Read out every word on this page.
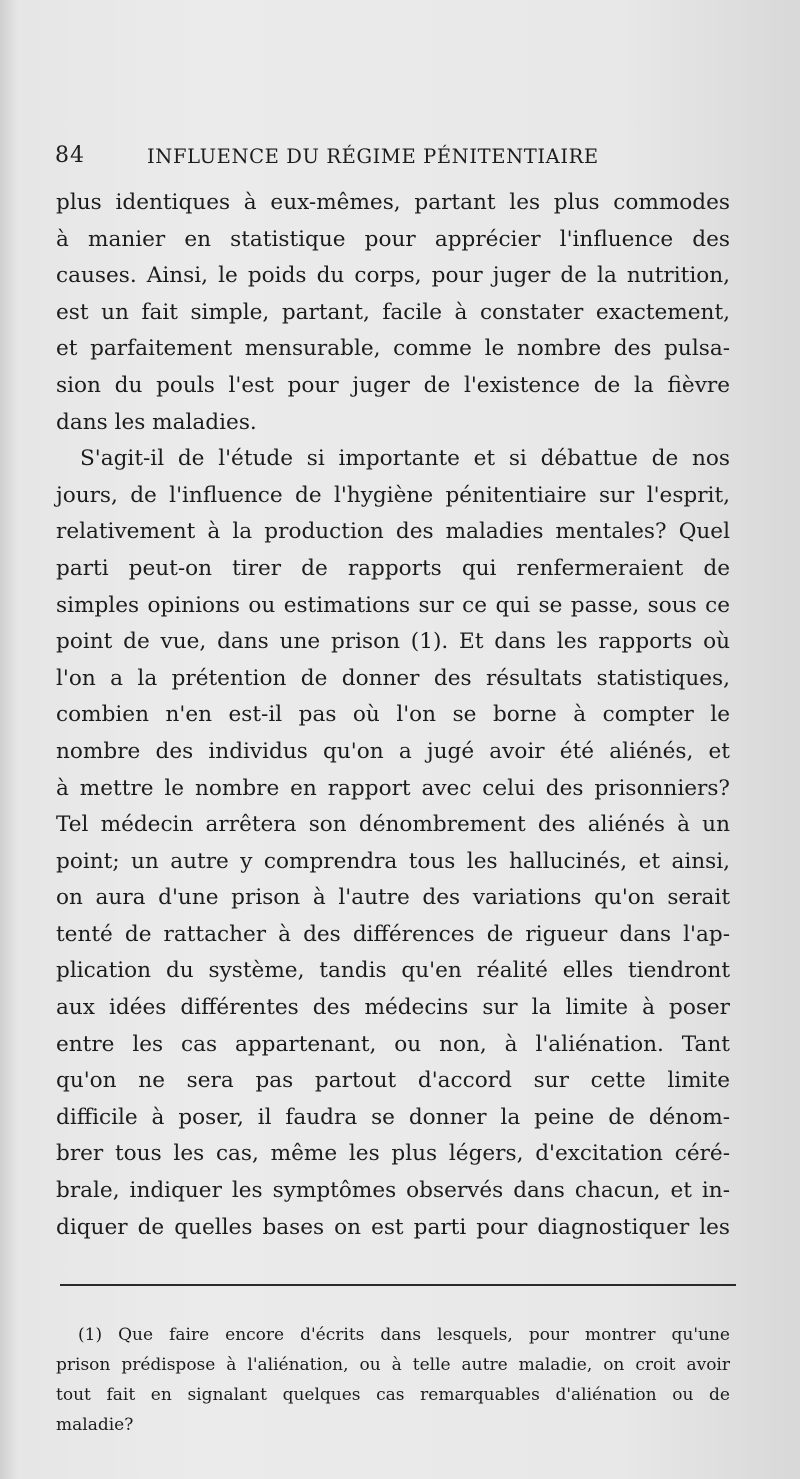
84	INFLUENCE DU RÉGIME PÉNITENTIAIRE
plus identiques à eux-mêmes, partant les plus commodes
à manier en statistique pour apprécier l'influence des
causes. Ainsi, le poids du corps, pour juger de la nutrition,
est un fait simple, partant, facile à constater exactement,
et parfaitement mensurable, comme le nombre des pulsa-
sion du pouls l'est pour juger de l'existence de la fièvre
dans les maladies.
S'agit-il de l'étude si importante et si débattue de nos
jours, de l'influence de l'hygiène pénitentiaire sur l'esprit,
relativement à la production des maladies mentales? Quel
parti peut-on tirer de rapports qui renfermeraient de
simples opinions ou estimations sur ce qui se passe, sous ce
point de vue, dans une prison (1). Et dans les rapports où
l'on a la prétention de donner des résultats statistiques,
combien n'en est-il pas où l'on se borne à compter le
nombre des individus qu'on a jugé avoir été aliénés, et
à mettre le nombre en rapport avec celui des prisonniers?
Tel médecin arrêtera son dénombrement des aliénés à un
point; un autre y comprendra tous les hallucinés, et ainsi,
on aura d'une prison à l'autre des variations qu'on serait
tenté de rattacher à des différences de rigueur dans l'ap-
plication du système, tandis qu'en réalité elles tiendront
aux idées différentes des médecins sur la limite à poser
entre les cas appartenant, ou non, à l'aliénation. Tant
qu'on ne sera pas partout d'accord sur cette limite
difficile à poser, il faudra se donner la peine de dénom-
brer tous les cas, même les plus légers, d'excitation céré-
brale, indiquer les symptômes observés dans chacun, et in-
diquer de quelles bases on est parti pour diagnostiquer les
(1) Que faire encore d'écrits dans lesquels, pour montrer qu'une
prison prédispose à l'aliénation, ou à telle autre maladie, on croit avoir
tout fait en signalant quelques cas remarquables d'aliénation ou de
maladie?
